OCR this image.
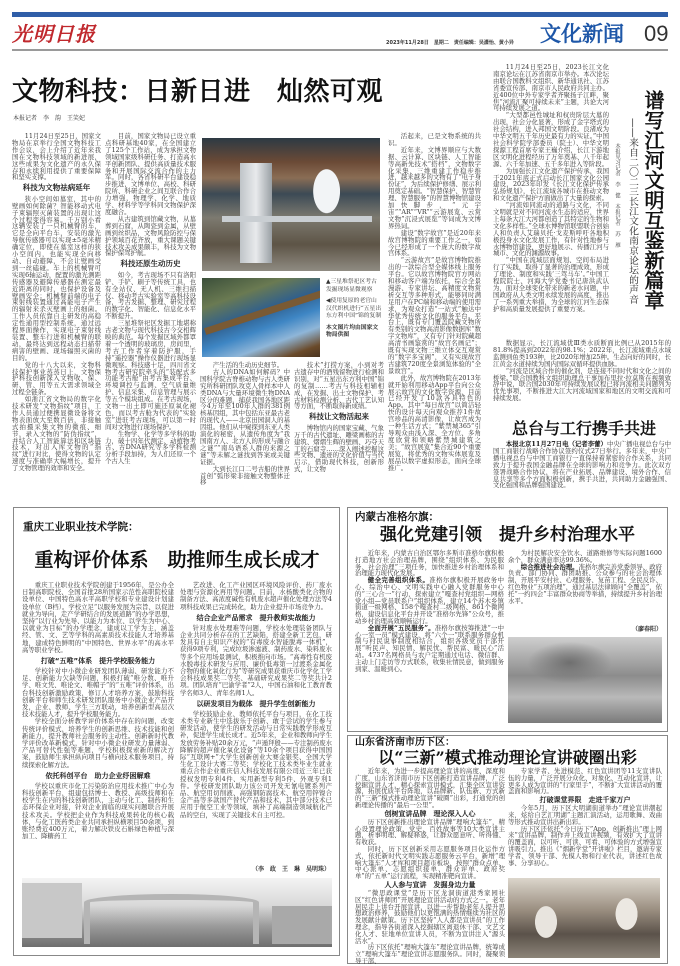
光明日报	2023年11月28日　星期二　责任编辑：吴潇怡、黄小异	文化新闻 09
文物科技：日新日进　灿然可观
本报记者　李　韵　王笑妃

11月24日至25日，国家文物局在京举行全国文物科技工作会议，会上介绍了近年来我国在文物科技领域的新进展，这些成果为文化遗产的永久保存和永续利用提供了重要保障和坚实支撑。

科技为文物祛病延年

狭小空间如墓室，其中的壁画如何除菌？智能移动式电子束辐照灭菌装置的出现让这个过程变得容易。千万别小看这辆安装了一只机械臂的车，它是全向平台车，安装的激光导航传感器可以实现±5毫米精确定位，即使在墓室这样的狭小空间内，也能实现全向移动、自动避障，不会让壁画受到一丝磕碰。车上的机械臂可实现6轴运动，配置的激光测距传感器及避障传感器在测定最近距离的同时，也保护设备及壁画安全；机械臂前端的电子束射线装置通过高能电子产生的辐射来杀灭壁画上的细菌。工作人员依靠自主研发的高稳定性通用型控制系统，通过远程界面操作，实现电子束射线装置、整车行进和机械臂的联动，最终达到远程动态扫描带病害的壁画、现场辐照灭菌的目的。

党的十八大以来，文物科技保护事业蒸蒸日上，文物保护科技创新深入文物收、保、研、管、用等五大需求领域全过程全链条。

如浙江省文物局的数字化技术研发“文物指纹”项目，工作人员通过便携显微设备将文物表面放大至数百倍，非接触式拍摄采集文物的微痕、细节，录入文物的“防伪指纹”，并结合人工智能算法和区块链技术，对出入库文物的“指纹”进行对比，使得文物的认定速度与准确率大幅增长，提升了文物管理的效率和安全。

目前，国家文物局已设立重点科研基地40家，在全国建立了125个工作站，成为承担文物领域国家级科研任务、打造高水平创新团队、提供高质量技术服务和开展国际交流合作的主力军。同时，各省科研平台建设稳步推进，文博单位、高校、科研院所、科研企业之间互联合作合力增强，物理学、化学、地质学、材料学等学科同文物保护深度融合。

从古建筑到馆藏文物，从墓葬到石窟，从陶瓷到金属，从壁画到丝织品，文物风险防控与保护领域百花齐放，重大课题关键技术攻关成果颇丰，科技为文物保护保驾护航。

科技还原生动历史

如今，考古现场不只有洛阳铲、手铲、刷子等传统工具，也有全站仪、无人机、三维扫描仪、移动考古实验室等高科技设备，考古发掘、整理、研究过程的数字化、智能化、信息化水平不断提升。

三星堆祭祀区发掘工地堪称古老文物与现代科技古今交相辉映的典范。每个发掘区域外都罩着一个透明的玻璃房，房间里，考古工作者穿着防护服，手持“遥控器”操作仪器进行现场显微观察。科技感十足，四川省文物考古研究院牵头的“装配式多功能考古舱”由考古集成平台、环境调控与监测、空气质量维护、信息采集、信息管理与展示等五个模块组成。在考古现场，文物一出土即可施还原氧化褪色，而以考古舱为代表的“实验室”进驻考古现场，可以第一时间对文物进行现场保护。

生物学、化学等多学科的助力，破十四年代测定、动植物考古、古DNA研究等多学科检测分析手段加持，为人们还原一个个古人生

▲三星堆祭祀区考古发掘现场显微观察

◀使用复原的老官山汉代织机进行“五星出东方利中国”锦的复制

本文图片均由国家文物局供图

产生活的生动历史细节。

古人的DNA如何解码？中国科学院古脊椎动物与古人类研究所科研团队攻克人骨样本中人类DNA与大量环境微生物DNA区分的难题，捕获我国各地区距今4万年至100年人群的381例核基因组，其中包括东亚最古老的现代人——北京田园洞人的基因组。他们从中窥探到东亚人类演化的秘密，从遗传角度为“我国南方人、北方人的形成与融合之谜”“南岛语系人群的来源之谜”等未解之谜找到答案或关键证据。

大到长江口二号古船的世界首创“弧形梁非接触文物整体迁移

技术”打捞方案，小到对考古遗存中的酒残留物进行检测和识别，对“五星出东方利中国”锦的复制……考古与科技相辅相成，在发掘、出土文物保护、考古材料检测分析、古代工艺认知等方面，不断取得新成绩。

科技让文物活起来

博物馆内的国家宝藏、气象万千的古代遗址、雕梁画栋的古建筑、熠熠生辉的壁画、巧夺天工的石窟寺……深入阐述挖掘这些文物、遗迹的文化价值与当代启示，借助现代科技，创新形式，让文物

活起来，已是文物系统的共识。

近年来，文博界顺应与大数据、云计算、区块链、人工智能等高新先技术“搭档”，文物数字化采集、三维重建工作稳步推进，越来越多的文物有了“电子身份证”，为后续保护修缮、展示利用奠定基础。“智慧保护、智慧管理、智慧服务”的智慧博物馆建设加快脚步，“元宇宙”“AR”“VR”“云游展览、云赏文物”沉浸式展览”等词成为文博界热词。

建设“数字故宫”是近20年来故宫博物院的重要工作之一，如今已经形成了一个庞大的数字故宫体系。

“云游故宫”是故宫博物院推出的一款综合型全媒体线上服务平台。它以故宫博物院官方网站和移动客户端为依托，综合全景漫游、专家讲坛、高精度文物赏析交互等多种形式，能够同时满足用户在PC端和移动端的使用需求，为观众打造“一站式”触达中华优秀传统文化的服务平台。平台上，既有专门覆盖院藏文物所有类别的文物高清影像数据库“数字文物库”，又有专门针对院藏超高清书画鉴赏的“故宫名画记”；既有实现文物三维立体交互观赏的“数字多宝阁”，又有实现故宫古建筑720度全景浏览体验的“全景故宫”。

此外，故宫博物院在2013年就开始利用移动App平台向公众展示故宫的文化数字资源，目前已经开发了10款各具特色的App。其中“每日故宫”以简洁轻快的设计每天向观众推荐1件故宫珍品的高清影像，让故宫成为一种生活方式；“紫禁城365”引导观众由浅入深、全方位、多角度欣赏和领略紫禁城建筑之美；“故宫展览”集合近90个重要展览，将优秀的文物实体展览及展品以数字虚拟形态，面向全球推广。

11月24日至25日，2023长江文化南京论坛在江苏省南京市举办。本次论坛由联合国教科文组织、新华通讯社、江苏省委宣传部、南京市人民政府共同主办。近400位中外专家学者齐聚扬子江畔，聚焦“河流汇聚可持续未来”主题，共论大河可持续发展之道。

“大型都邑性城址和权贵阶层大墓的出现，社会分化显著，形成了金字塔式的社会结构，进入邦国文明阶段。良渚成为中华文明五千年历史最有力的实证。”中国社会科学院学部委员（院士）、中华文明探源工程首席专家王巍介绍，长江下游地区文明化进程经历了万年奠基、八千年起源、六千年加速、五千多年进入等阶段。

为加强长江文化遗产保护传承，我国于2021年底正式启动长江国家文化公园建设，2023年印发《长江文化保护传承弘扬规划》，长江流域各城市在推动文物和文化遗产保护方面做出了大量的探索。

“河流如同流动的道路与文化，不同文明就是对不同河流水生态的适应，世界上每条大江大河都创造了其特定的生物和文化多样性。”全球水博物馆联盟联合创始人和负责人艾瑞贝托·戈麦斯呼吁各地积极投身水文化发展工作，有针对性地参与水博物馆建设，更好地展示、传播江河与城市、文化的渊源故事。

“中国在流域层面规划、空间布局进行了实践，取得了显著的治理成效，形成了理论、制度和实践‘三驾马车’。”中国工程院院士、河海大学党委书记唐洪武认为，面对全球变化带来的新老水问题，中国政府从人类文明永续发展的高度，推出了一系列重大举措，为全球的江河生态保护和高质量发展提供了重要方案。

本报见习记者　李　健　本报记者　苏　雁 ——来自二〇二三长江文化南京论坛的声音 谱写江河文明互鉴新篇章

数据显示，长江流域优Ⅲ类水质断面比例已从2015年的81.8%提高到2022年的98.1%；2022年，长江流域重点水域监测到鱼类193种，比2020年增加25种。生态向好的同时，长江黄金水道持续为国内国际双循环提供血脉。

“河流是区域合作的催化剂，是连接不同时代和文化之间的桥梁。”联合国教科文组织助理总干事加布里拉·拉莫斯在视频致辞中说，联合国2030年可持续发展议程已将河流相关问题列为优先事项，不断推进大江大河流域国家和地区的文明交流和可持续发展。

总台与工行携手共进

本报北京11月27日电（记者李蕾）中央广播电视总台与中国工商银行战略合作协议签约仪式27日举行。多年来，中央广播电视总台与中国工商银行一直保持着紧密的合作关系，共同致力于提升我国金融品牌在全球的影响力和竞争力。此次双方签署战略合作协议，将在产业拓展、品牌建设、境外合作、信息共享等多个方面积极创新，携手共进，共同助力金融强国、文化强国和品牌强国建设。

重庆工业职业技术学院：
重构评价体系　助推师生成长成才

重庆工业职业技术学院创建于1956年，是公办全日制高职院校、全国首批28所国家示范性高职院校建设单位、中国特色高水平高职学校和专业建设计划建设单位（B档）。学校立足“以服务发展为宗旨、以促进就业为导向，走产学研结合的发展道路”的办学思想，坚持“以行业为先导、以能力为本位、以学生为中心、以就业为目标”的办学理念，建成以工学为主，涵盖经、管、文、艺等学科的高素质技术技能人才培养基地，建成特色鲜明的“中国特色、世界水平”的高水平高等职业学校。

打破“五唯”体系　提升学校服务能力

学校针对中小微企业研发团队薄弱、研发能力不足、创新能力欠缺等问题，积极打破“唯分数、唯升学、唯文凭、唯论文、唯帽子”的“五唯”评价体系，出台科技创新激励政策，修订人才培养方案，鼓励科技创新平台和师生技术研发团队服务中小微企业产品开发，企业、教师、学生三方联动，培养创新型高层次技术技能人才，提升学校服务能力。

学校全面分析教学评价体系中存在的问题，改变传统评价模式，培养学生的创新思维、技术技能和创新能力，提升教师社会服务的主动性。创新新时代教学评价改革新模式，针对中小微企业研发力量薄弱、产品可替代性强等难题，学校积极探索新的解决方案，鼓励师生承担纵向项目与横向技术服务项目，持续探索化解方法。

依托科创平台　助力企业纾困解难

学校以重庆市化工污染防治应用技术推广中心为科技创新平台，组建包括博士、教授、高级技师和在校学生在内的科技创新团队，主动与化工、制药和生态环保企业对接，针对企业面临的现实问题联合开展技术攻关。学校把企业作为科技成果转化的核心载体，与化工医药类企业共同承担纵横项目50余项，到账经费近400万元，着力解决铁皮石斛绿色种植与深加工、降糖药工

艺改进、化工产业园区环境风险评价、药厂废水处理与资源化再用等问题。目前，水杨酸类化合物的制备方法、高浓度碱性有机废水超声催化处理方法等4项科技成果已完成转化，助力企业提升市场竞争力。

结合企业产品需求　提升教师实战能力

针对废水处理难等问题，学校水处理装备团队与企业共同分析存在的工艺缺陷，搭建全新工艺包，研发具有自主知识产权的“有毒废水智能脱毒一体机”，获得9项专利，完成垃圾渗滤液、制药废水、染料废水等多个应用场景测试，积极推向市场。“高毒性有机废水脱毒技术研发与应用、廉价低毒第一过渡系金属化合物的催化氧化行为”等研究成果获重庆市化学化工学会科技成果奖二等奖、基础研究成果奖二等奖共计2项。团队培育“巴渝学者”2人，中国石油和化工教育教学名师3人、青年名师1人。

以研发项目为载体　提升学生创新能力

学校鼓励企业、教师依托平台与项目，在化工技术类专业新生中选拔乐于创新、敢于尝试的学生参与研发活动，使学生的研发活动与日常实践教学形成互补，促进学生成长成才。近5年来，企业和教师向学生发放劳务补贴20余万元，“声遁拜殷——专注制药废水降解的超声催化氧化设备”等10余个项目获得中国国际“互联网+”大学生创新创业大赛金银奖、全国大学生化工设计大赛二等奖；学校化工技术类毕业生就业重点合作企业重庆信人科技发展有限公司近三年已获授权发明专利4件、实用新型专利5件、外观专利1件。学校研发团队助力该公司开发无氰电镀系列产品、航空用切削液、高强钢防腐技术、航空用锌镍合金产品等多款国产替代产品和技术，其中部分技术已应用于航空工业等领域，填补了高端制造领域航化产品的空白，实现了关键技术自主可控。

（李　政　王　琳　吴明珠）
内蒙古准格尔旗：
强化党建引领　提升乡村治理水平

近年来，内蒙古自治区鄂尔多斯市准格尔旗积极打造地方社会治理品牌，围绕“组织体系、为民服务、社会治理”三项任务，加快推进乡村治理体系和治理能力现代化发展。

健全完善组织体系。准格尔旗积极开展政务中心、综治中心、文明实践中心融入党群服务中心的“三心合一”行动，探索建立“嘎查村党组织—网格党小组—党员联系户”组织体系，建立14个苏木乡镇街道一级网格、158个嘎查村二级网格、861个微网格，建设信息化平台并开设“准格尔先锋”公众号，推动乡村治理高效顺畅运行。

全面开展“五民服务”。准格尔旗按筹推进“一中心一室一员”模式建设，将“六个一”联系服务群众机制与村民说事制度相结合，组织各级党员干部开展“听民声、知民情、解民忧、帮民富、暖民心”活动。4737名网格员与农户定期通过电话、微信群、主动上门走访等方式联系，收集社情民意，做到服务到家、温暖到心。

为村民解决安全饮水、道路维修等实际问题1600余个，群众满意率达99.36%。

综合推进社会治理。准格尔旗完善党委领导、政府负责、部门协同、群团助推、公众参与的社会治理体制，开展平安村社、心理服务、复苗工程、全民反诈、红色物业“五项治理”，通过基层法律顾问“全覆盖”，依托“一约四会”丰富群众协商等举措，持续提升乡村治理水平。

（廖春阳）
山东省济南市历下区：
以“三新”模式推动理论宣讲破圈出彩

近年来，为进一步提高理论宣讲的高度、深度和广度，山东省济南市历下区创新打造宣讲品牌，广泛挖掘宣讲人才，精心探索宣讲模式，汇集全区宣讲资源，拓展优质平台阵地，以品牌新、队伍新、方式新的“三新”模式推动理论宣讲“破圈”出彩，打通党的创新理论传播的“最后一公里”。

创树宣讲品牌　理论深入人心

历下区创新推出理论宣讲品牌“理响大篷车”，精心设置理论政策、党史、百姓故事等10大类宣讲主题，析事明理、解疑释惑，让群众愿意听、听得懂、有收获。

同时，历下区创新采用志愿服务项目化运作方式，依托新时代文明实践志愿服务云平台，新增“理响大篷车”人才库和项目超市板块，按照“群众点单、中心派单、志愿组织接单、群众评单、政府奖单”的“五单”运行流程，实现精准靶向宣讲。

人人参与宣讲　发掘身边力量

“微思政课堂”是历下区龙洞街道港秀家园社区“红色讲师团”开展理论宣讲活动的方式之一。老年居民走上讲台开展宣讲，以进一步帮助老年人提升思想政治修养，鼓励他们以更饱满的热情继续为社区的发展献计献策。历下区坚持“人人都是宣讲员”的工作理念，指导各街道深入挖掘辖区离退休干部、文艺文化人才、驻地单位宣讲人员，不断为宣讲注入“源头活水”。

历下区依托“理响大篷车”理论宣讲品牌，统筹成立“理响大篷车”理论宣讲志愿服务队。同时，凝聚领导干部、

专家学者、先进模范、红色宣讲团等11支宣讲队伍的力量，广泛开展分众化、对象化、互动化宣讲，让更多人成为宣讲的“行家里手”，不断扩大宣讲活动的覆盖面和影响力。

打破课堂界限　走进千家万户

今年5月，历下区大明湖街道举办“理论宣讲潮起来，炫给自艺汇明湖”主题汇演活动，运用歌舞、戏曲等形式推动宣讲出新出彩。

历下区还依托“今日历下”App，创新推出“理上网来”宣讲品牌，制作并上线宣讲视频，有效扩大了宣讲的覆盖面，以可听、可读、可看、可体验的方式增强宣讲吸引力。推出《“烟新学堂”开讲啦》栏目，邀请专家学者、领导干部、先模人物和行业代表，讲述红色故事、分享初心。
